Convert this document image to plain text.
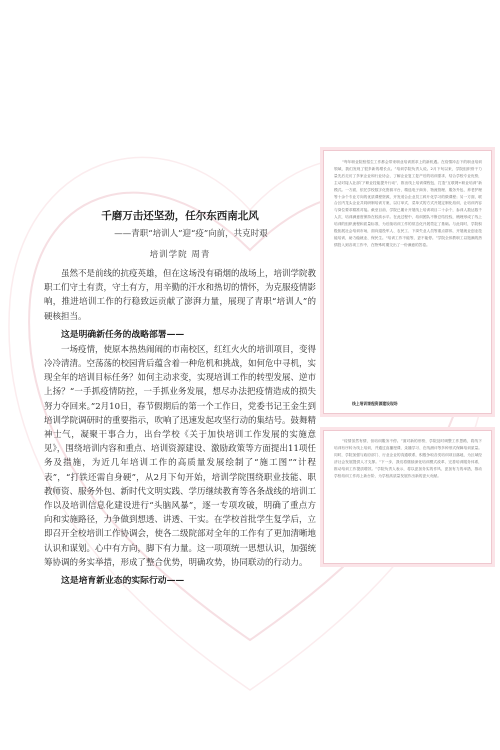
千磨万击还坚劲，任尔东西南北风

——青职“培训人”迎“疫”向前，共克时艰

培训学院 周青

虽然不是前线的抗疫英雄，但在这场没有硝烟的战场上，培训学院教职工们守土有责，守土有方，用辛勤的汗水和热切的情怀，为克服疫情影响，推进培训工作的行稳致远贡献了澎湃力量，展现了青职“培训人”的硬核担当。

这是明确新任务的战略部署——

一场疫情，使原本热热闹闹的市南校区，红红火火的培训项目，变得冷冷清清。空荡荡的校园背后蕴含着一种危机和挑战，如何危中寻机，实现全年的培训目标任务？如何主动求变，实现培训工作的转型发展、逆市上扬？“一手抓疫情防控，一手抓业务发展，想尽办法把疫情造成的损失努力夺回来。”2月10日，春节假期后的第一个工作日，党委书记王金生到培训学院调研时的重要指示，吹响了迅速发起攻坚行动的集结号。鼓舞精神士气，凝聚干事合力，出台学校《关于加快培训工作发展的实施意见》，围绕培训内容和重点、培训资源建设、激励政策等方面提出11项任务及措施，为近几年培训工作的高质量发展绘制了“施工图”“计程表”，“打铁还需自身硬”，从2月下旬开始，培训学院围绕职业技能、职教师资、服务外包、新时代文明实践、学历继续教育等各条战线的培训工作以及培训信息化建设进行“头脑风暴”，逐一专项攻破，明确了重点方向和实施路径，力争做到想透、讲透、干实。在学校首批学生复学后，立即召开全校培训工作协调会，使各二级院部对全年的工作有了更加清晰地认识和谋划。心中有方向，脚下有力量。这一项项统一思想认识，加强统筹协调的务实举措，形成了整合优势，明确攻势，协同联动的行动力。

这是培育新业态的实际行动——

“每年职业院校招生工作都会带来职业培训需求上的新机遇。在疫情冲击下的职业培训领域，我们发现了很多新的增长点。”培训学院负责人说。2月下旬以来，学院组织骨干力量先后走访了多家企业和行业协会，了解企业复工复产后的培训需求，结合学校专业优势，主动对接人社部门“职业技能提升行动”，推出线上培训课程包，打造“互联网+职业培训”新模式。一方面，依托学校数字化资源平台，精选电子商务、物流管理、服务外包、养老护理等十余个专业方向的优质课程资源，开发适合企业员工碎片化学习的微课程；另一方面，联合区内龙头企业共同研制培训方案，以订单式、菜单式的方式开展定制化培训，让培训内容与岗位要求精准对接。截至目前，学院已累计开展线上培训项目二十余个，参训人数达数千人次，培训满意度保持在较高水平。在此过程中，培训团队不断总结经验，梳理形成了线上培训的组织流程和质量标准，为后续培训工作的常态化开展奠定了基础。与此同时，学院积极拓展社会培训市场，面向退役军人、农民工、下岗失业人员等重点群体，开展就业创业技能培训，助力稳就业、保民生。“培训工作不能等，更不能停。”学院全体教职工以饱满的热情投入到各项工作中，在特殊时期交出了一份满意的答卷。

线上培训课程资源建设现场

“疫情虽然有情，但培训服务不停。”面对新的形势，学院及时调整工作思路，将线下培训有序转为线上培训，并通过直播授课、录播学习、在线测评等多种形式保障培训质量。同时，学院加强与政府部门、行业企业的沟通联系，积极争取各类培训项目落地，为区域经济社会发展提供人才支撑。“下一步，我们将继续深化培训模式改革，完善培训服务体系，推动培训工作提质增效。”学院负责人表示，将以更加务实的作风、更加有力的举措，推动学校培训工作再上新台阶，为学校高质量发展作出新的更大贡献。
